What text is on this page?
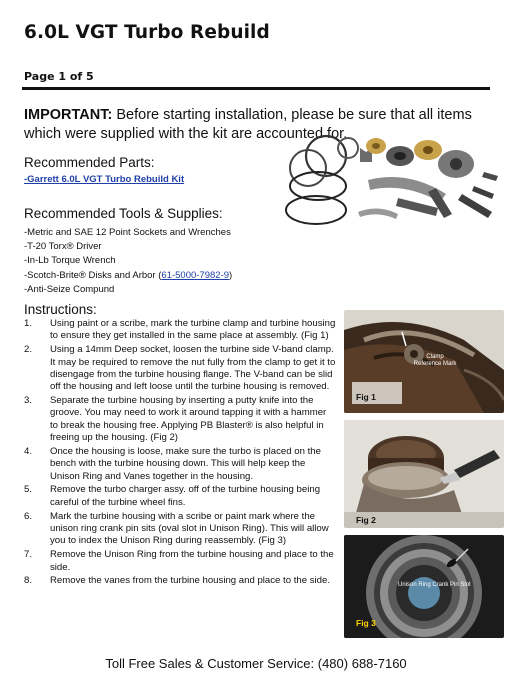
6.0L VGT Turbo Rebuild
Page 1 of 5
IMPORTANT: Before starting installation, please be sure that all items which were supplied with the kit are accounted for.
Recommended Parts:
-Garrett 6.0L VGT Turbo Rebuild Kit
Recommended Tools & Supplies:
-Metric and SAE 12 Point Sockets and Wrenches
-T-20 Torx® Driver
-In-Lb Torque Wrench
-Scotch-Brite® Disks and Arbor (61-5000-7982-9)
-Anti-Seize Compund
Instructions:
1.	Using paint or a scribe, mark the turbine clamp and turbine housing to ensure they get installed in the same place at assembly. (Fig 1)
2.	Using a 14mm Deep socket, loosen the turbine side V-band clamp. It may be required to remove the nut fully from the clamp to get it to disengage from the turbine housing flange. The V-band can be slid off the housing and left loose until the turbine housing is removed.
3.	Separate the turbine housing by inserting a putty knife into the groove. You may need to work it around tapping it with a hammer to break the housing free. Applying PB Blaster® is also helpful in freeing up the housing. (Fig 2)
4.	Once the housing is loose, make sure the turbo is placed on the bench with the turbine housing down. This will help keep the Unison Ring and Vanes together in the housing.
5.	Remove the turbo charger assy. off of the turbine housing being careful of the turbine wheel fins.
6.	Mark the turbine housing with a scribe or paint mark where the unison ring crank pin sits (oval slot in Unison Ring). This will allow you to index the Unison Ring during reassembly. (Fig 3)
7.	Remove the Unison Ring from the turbine housing and place to the side.
8.	Remove the vanes from the turbine housing and place to the side.
Clamp Reference Mark
Fig 1
Fig 2
Unison Ring Crank Pin Slot
Fig 3
Toll Free Sales & Customer Service: (480) 688-7160
